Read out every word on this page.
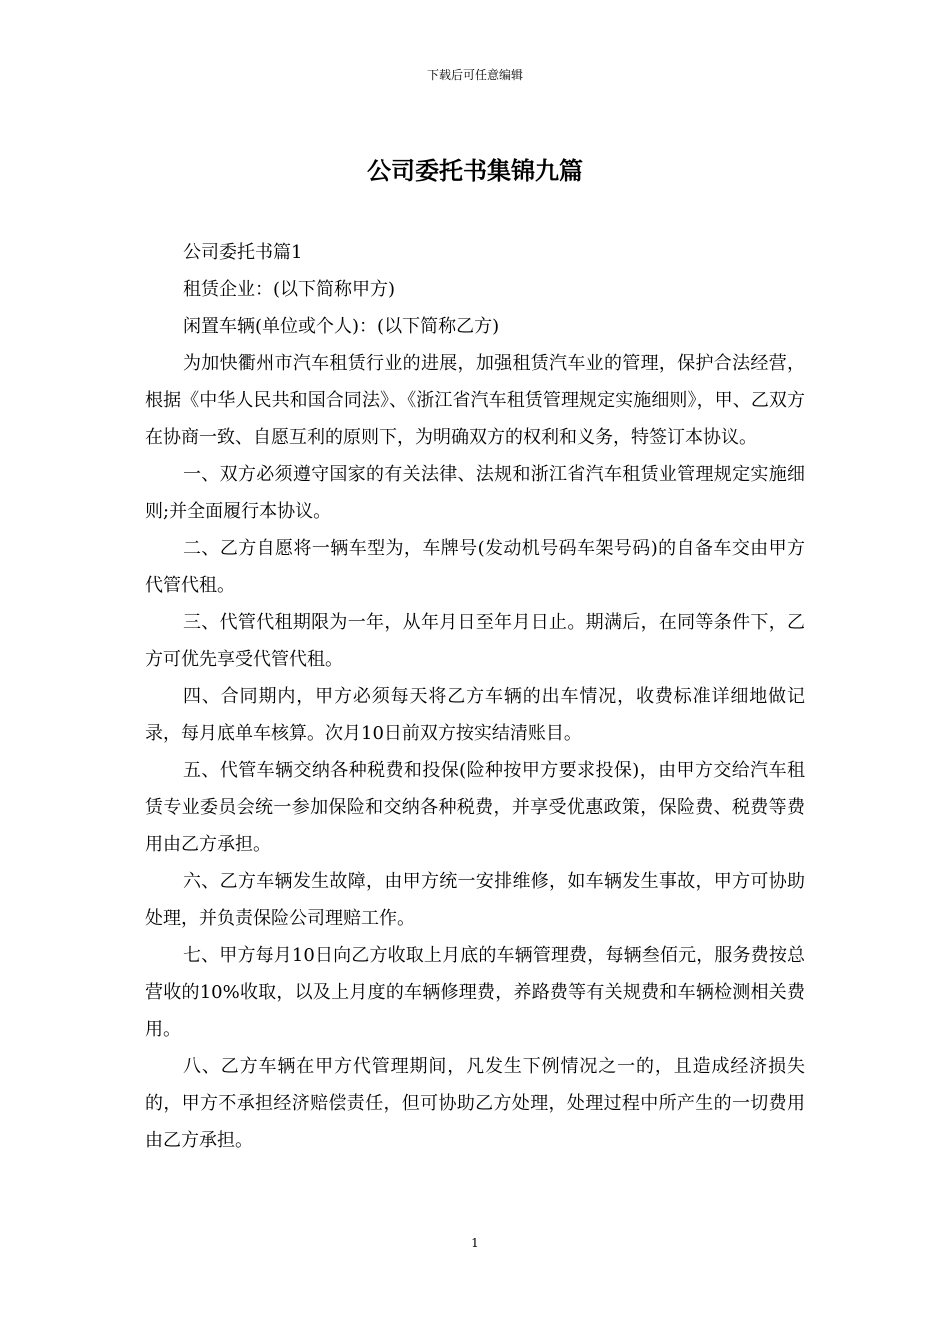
下载后可任意编辑
公司委托书集锦九篇

公司委托书篇1

租赁企业：(以下简称甲方)

闲置车辆(单位或个人)：(以下简称乙方)

为加快衢州市汽车租赁行业的进展，加强租赁汽车业的管理，保护合法经营，根据《中华人民共和国合同法》、《浙江省汽车租赁管理规定实施细则》，甲、乙双方在协商一致、自愿互利的原则下，为明确双方的权利和义务，特签订本协议。

一、双方必须遵守国家的有关法律、法规和浙江省汽车租赁业管理规定实施细则;并全面履行本协议。

二、乙方自愿将一辆车型为，车牌号(发动机号码车架号码)的自备车交由甲方代管代租。

三、代管代租期限为一年，从年月日至年月日止。期满后，在同等条件下，乙方可优先享受代管代租。

四、合同期内，甲方必须每天将乙方车辆的出车情况，收费标准详细地做记录，每月底单车核算。次月10日前双方按实结清账目。

五、代管车辆交纳各种税费和投保(险种按甲方要求投保)，由甲方交给汽车租赁专业委员会统一参加保险和交纳各种税费，并享受优惠政策，保险费、税费等费用由乙方承担。

六、乙方车辆发生故障，由甲方统一安排维修，如车辆发生事故，甲方可协助处理，并负责保险公司理赔工作。

七、甲方每月10日向乙方收取上月底的车辆管理费，每辆叁佰元，服务费按总营收的10%收取，以及上月度的车辆修理费，养路费等有关规费和车辆检测相关费用。

八、乙方车辆在甲方代管理期间，凡发生下例情况之一的，且造成经济损失的，甲方不承担经济赔偿责任，但可协助乙方处理，处理过程中所产生的一切费用由乙方承担。

1
